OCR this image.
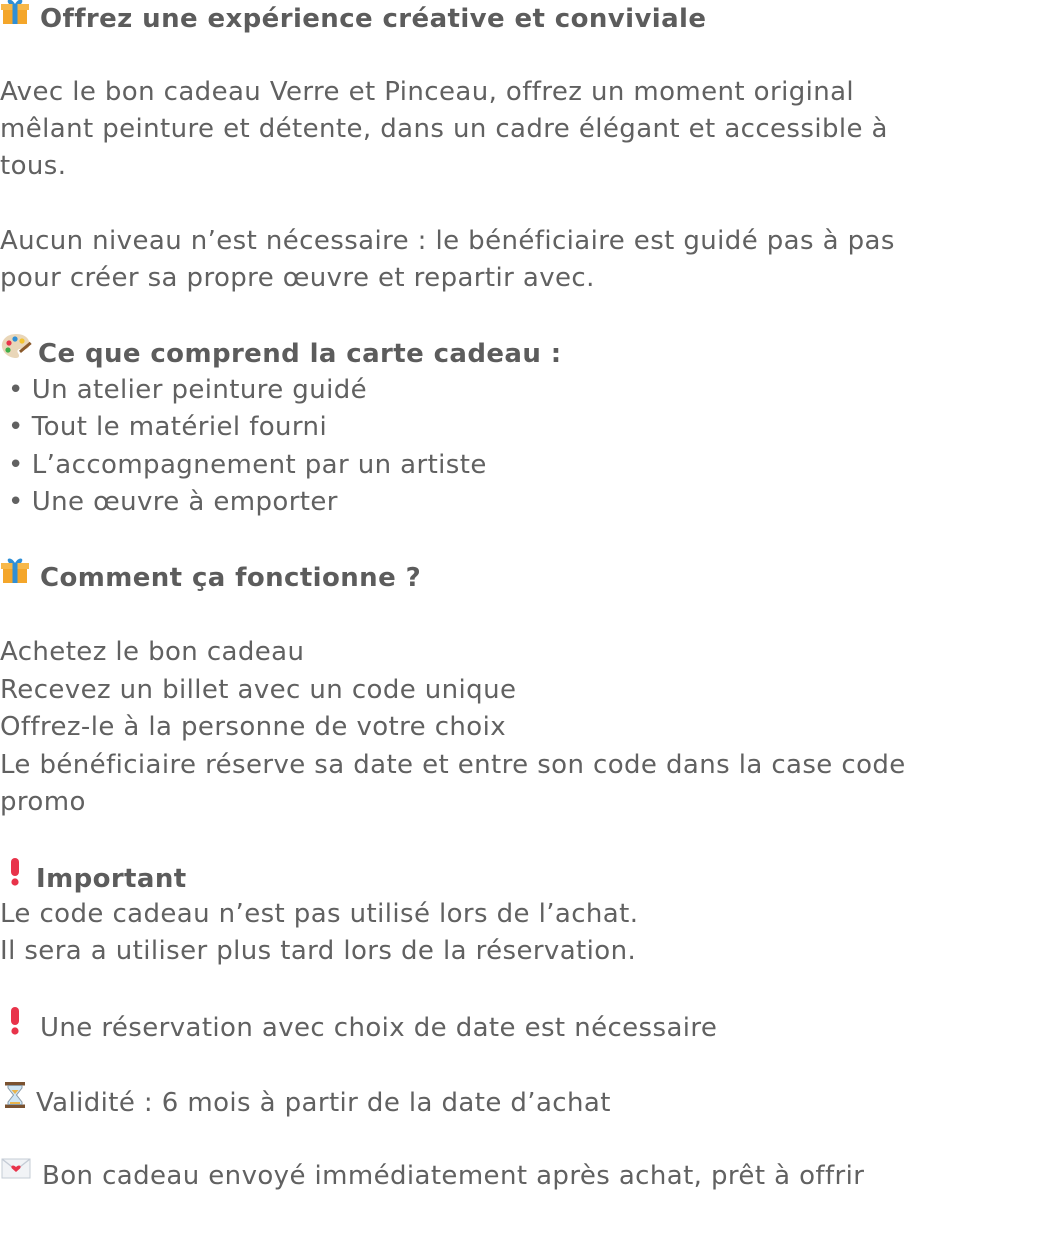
Offrez une expérience créative et conviviale
Avec le bon cadeau Verre et Pinceau, offrez un moment original
mêlant peinture et détente, dans un cadre élégant et accessible à
tous.
Aucun niveau n’est nécessaire : le bénéficiaire est guidé pas à pas
pour créer sa propre œuvre et repartir avec.
Ce que comprend la carte cadeau :
• Un atelier peinture guidé
• Tout le matériel fourni
• L’accompagnement par un artiste
• Une œuvre à emporter
Comment ça fonctionne ?
Achetez le bon cadeau
Recevez un billet avec un code unique
Offrez-le à la personne de votre choix
Le bénéficiaire réserve sa date et entre son code dans la case code
promo
Important
Le code cadeau n’est pas utilisé lors de l’achat.
Il sera a utiliser plus tard lors de la réservation.
Une réservation avec choix de date est nécessaire
Validité : 6 mois à partir de la date d’achat
Bon cadeau envoyé immédiatement après achat, prêt à offrir
